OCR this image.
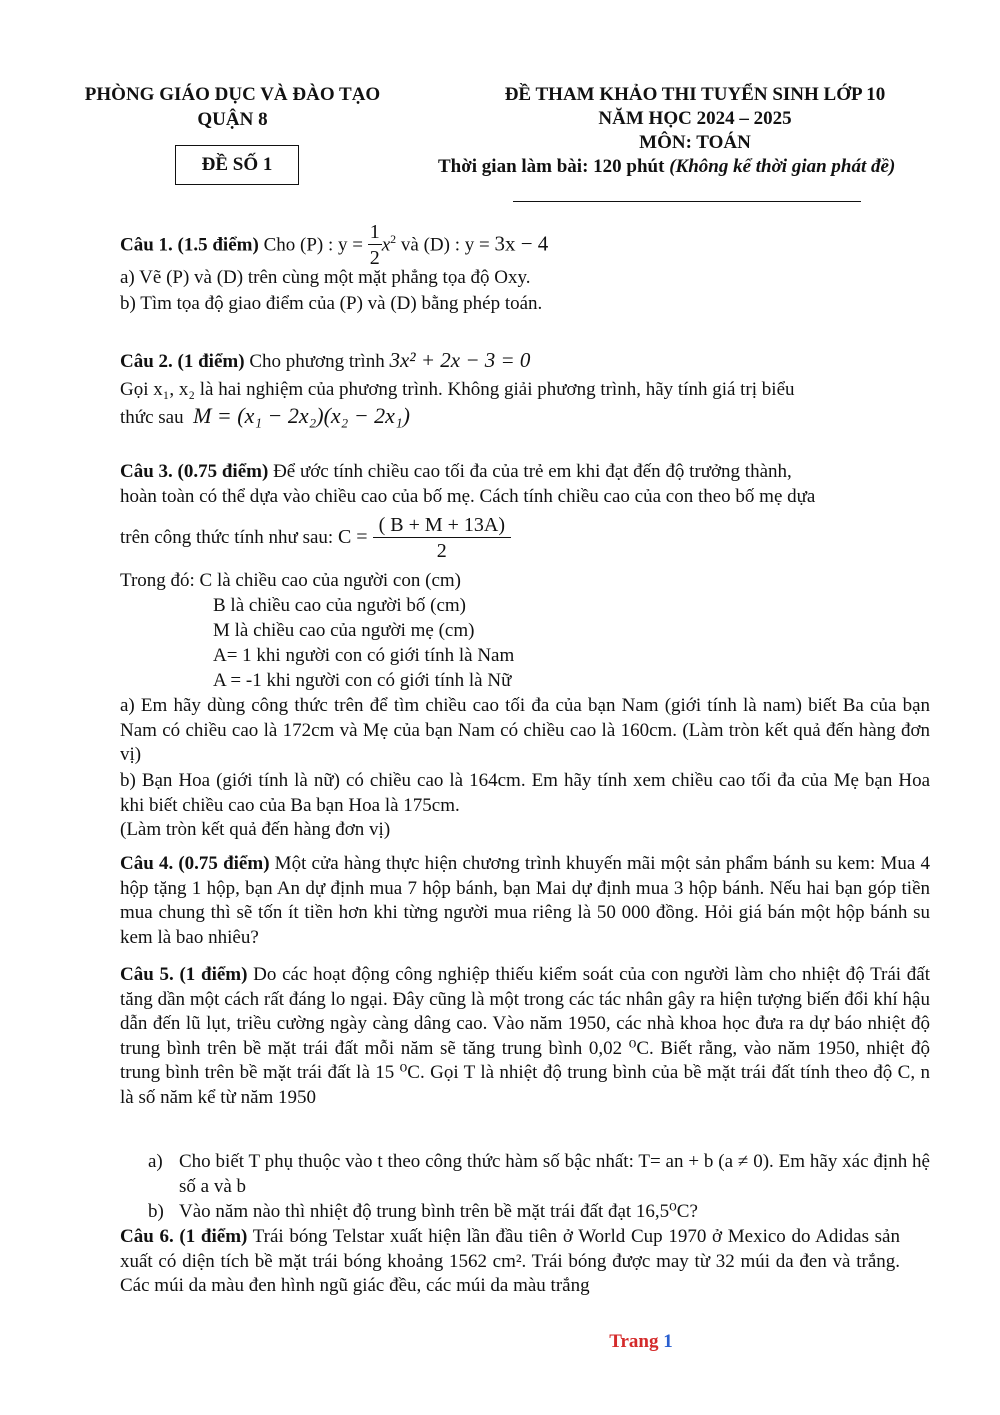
PHÒNG GIÁO DỤC VÀ ĐÀO TẠO
QUẬN 8
ĐỀ SỐ 1
ĐỀ THAM KHẢO THI TUYỂN SINH LỚP 10
NĂM HỌC 2024 – 2025
MÔN: TOÁN
Thời gian làm bài: 120 phút (Không kể thời gian phát đề)
Câu 1. (1.5 điểm) Cho (P) : $y = \frac{1}{2} x^2$ và (D) : y = 3x − 4
a) Vẽ (P) và (D) trên cùng một mặt phẳng tọa độ Oxy.
b) Tìm tọa độ giao điểm của (P) và (D) bằng phép toán.
Câu 2. (1 điểm) Cho phương trình 3x² + 2x − 3 = 0
Gọi x₁, x₂ là hai nghiệm của phương trình. Không giải phương trình, hãy tính giá trị biểu
thức sau  M = (x₁ − 2x₂)(x₂ − 2x₁)
Câu 3. (0.75 điểm) Để ước tính chiều cao tối đa của trẻ em khi đạt đến độ trưởng thành,
hoàn toàn có thể dựa vào chiều cao của bố mẹ. Cách tính chiều cao của con theo bố mẹ dựa
trên công thức tính như sau: $C = \frac{( B + M + 13A)}{2}$
Trong đó: C là chiều cao của người con (cm)
B là chiều cao của người bố (cm)
M là chiều cao của người mẹ (cm)
A= 1 khi người con có giới tính là Nam
A = -1 khi người con có giới tính là Nữ
a) Em hãy dùng công thức trên để tìm chiều cao tối đa của bạn Nam (giới tính là nam) biết Ba của bạn Nam có chiều cao là 172cm và Mẹ của bạn Nam có chiều cao là 160cm. (Làm tròn kết quả đến hàng đơn vị)
b) Bạn Hoa (giới tính là nữ) có chiều cao là 164cm. Em hãy tính xem chiều cao tối đa của Mẹ bạn Hoa khi biết chiều cao của Ba bạn Hoa là 175cm.
(Làm tròn kết quả đến hàng đơn vị)
Câu 4. (0.75 điểm) Một cửa hàng thực hiện chương trình khuyến mãi một sản phẩm bánh su kem: Mua 4 hộp tặng 1 hộp, bạn An dự định mua 7 hộp bánh, bạn Mai dự định mua 3 hộp bánh. Nếu hai bạn góp tiền mua chung thì sẽ tốn ít tiền hơn khi từng người mua riêng là 50 000 đồng. Hỏi giá bán một hộp bánh su kem là bao nhiêu?
Câu 5. (1 điểm) Do các hoạt động công nghiệp thiếu kiểm soát của con người làm cho nhiệt độ Trái đất tăng dần một cách rất đáng lo ngại. Đây cũng là một trong các tác nhân gây ra hiện tượng biến đổi khí hậu dẫn đến lũ lụt, triều cường ngày càng dâng cao. Vào năm 1950, các nhà khoa học đưa ra dự báo nhiệt độ trung bình trên bề mặt trái đất mỗi năm sẽ tăng trung bình 0,02 ⁰C. Biết rằng, vào năm 1950, nhiệt độ trung bình trên bề mặt trái đất là 15 ⁰C. Gọi T là nhiệt độ trung bình của bề mặt trái đất tính theo độ C, n là số năm kể từ năm 1950
a) Cho biết T phụ thuộc vào t theo công thức hàm số bậc nhất: T= an + b (a ≠ 0). Em hãy xác định hệ số a và b
b) Vào năm nào thì nhiệt độ trung bình trên bề mặt trái đất đạt 16,5⁰C?
Câu 6. (1 điểm) Trái bóng Telstar xuất hiện lần đầu tiên ở World Cup 1970 ở Mexico do Adidas sản xuất có diện tích bề mặt trái bóng khoảng 1562 cm². Trái bóng được may từ 32 múi da đen và trắng. Các múi da màu đen hình ngũ giác đều, các múi da màu trắng
Trang 1
